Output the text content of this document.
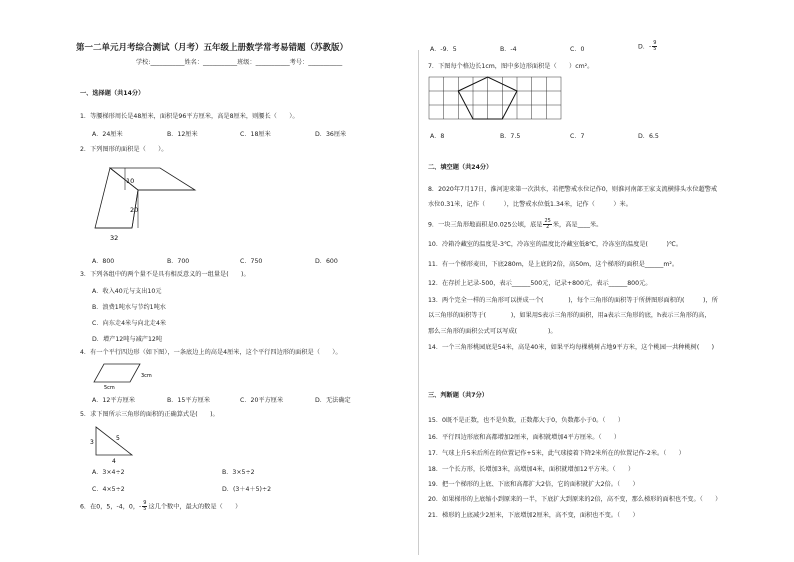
第一二单元月考综合测试（月考）五年级上册数学常考易错题（苏教版）
学校:___________姓名：___________班级：___________考号：___________
一、选择题（共14分）
1．等腰梯形周长是48厘米，面积是96平方厘米，高是8厘米，则腰长（　　）。
A．24厘米	B．12厘米	C．18厘米	D．36厘米
2．下列图形的面积是（　　）。
10
20
32
A．800	B．700	C．750	D．600
3．下列各组中的两个量不是具有相反意义的一组量是(　　)。
A．收入40元与支出10元
B．浪费1吨水与节约1吨水
C．向东走4米与向北走4米
D．增产12吨与减产12吨
4．有一个平行四边形（如下图），一条底边上的高是4厘米，这个平行四边形的面积是（　　）。
3cm
5cm
A．12平方厘米	B．15平方厘米	C．20平方厘米	D．无法确定
5．求下图所示三角形的面积的正确算式是(　　)。
3
5
4
A．3×4÷2	B．3×5÷2
C．4×5÷2	D．(3＋4＋5)÷2
6．在0，5，-4，0，- $\frac{9}{5}$ 这几个数中，最大的数是（　　）
A．-9．5	B．-4	C．0	D．- $\frac{9}{5}$
7．下图每个格边长1cm，图中多边形面积是（　　）cm²。
A．8	B．7.5	C．7	D．6.5
二、填空题（共24分）
8．2020年7月17日，淮河迎来第一次洪水，若把警戒水位记作0，则淮河南部王家支流横排头水位超警戒
水位0.31米，记作（　　　），比警戒水位低1.34米，记作（　　　）米。
9．一块三角形地面积是0.025公顷，底是 $\frac{25}{2}$ 米，高是____米。
10．冷箱冷藏室的温度是-3℃，冷冻室的温度比冷藏室低8℃，冷冻室的温度是(　　　)℃。
11．有一个梯形麦田，下底280m，是上底的2倍，高50m，这个梯形的面积是______m²。
12．在存折上记录-500，表示______500元，记录+800元，表示______800元。
13．两个完全一样的三角形可以拼成一个(　　　　)，每个三角形的面积等于所拼图形面积的(　　　)，所
以三角形的面积等于(　　　　)，如果用S表示三角形的面积，用a表示三角形的底，h表示三角形的高，
那么三角形的面积公式可以写成(　　　　　)。
14．一个三角形桃园底是54米，高是40米，如果平均每棵桃树占地9平方米，这个桃园一共种桃树(　　)
三、判断题（共7分）
15．0既不是正数，也不是负数，正数都大于0，负数都小于0。（　　）
16．平行四边形底和高都增加2厘米，面积就增加4平方厘米。（　　）
17．气球上升5米后所在的位置记作+5米，此气球接着下降2米所在的位置记作-2米。（　　）
18．一个长方形，长增加3米，高增加4米，面积就增加12平方米。（　　）
19．把一个梯形的上底、下底和高都扩大2倍，它的面积就扩大2倍。（　　）
20．如果梯形的上底缩小到原来的一半，下底扩大到原来的2倍，高不变，那么梯形的面积也不变。（　　）
21．梯形的上底减少2厘米，下底增加2厘米，高不变，面积也不变。（　　）
